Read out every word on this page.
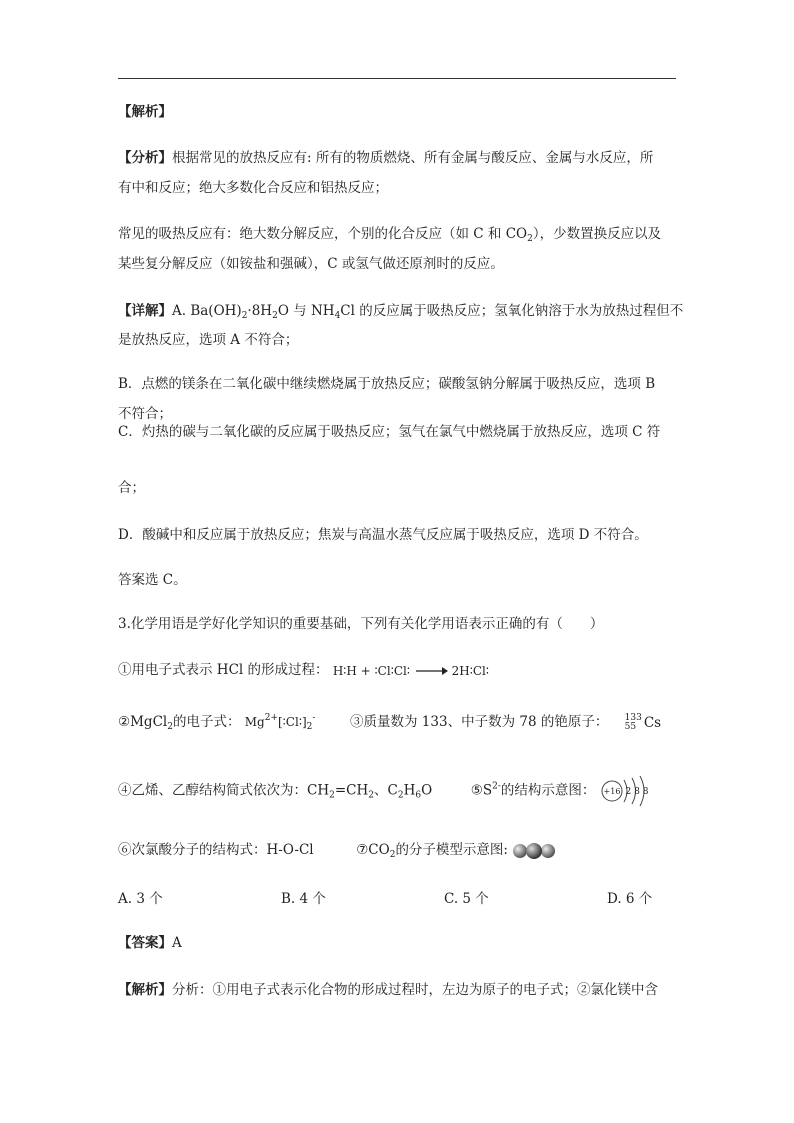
【解析】
【分析】根据常见的放热反应有: 所有的物质燃烧、所有金属与酸反应、金属与水反应，所
有中和反应；绝大多数化合反应和铝热反应；
常见的吸热反应有：绝大数分解反应，个别的化合反应（如 C 和 $CO_2$），少数置换反应以及
某些复分解反应（如铵盐和强碱），C 或氢气做还原剂时的反应。
【详解】A. $Ba(OH)_2\cdot 8H_2O$ 与 $NH_4Cl$ 的反应属于吸热反应；氢氧化钠溶于水为放热过程但不
是放热反应，选项 A 不符合；
B．点燃的镁条在二氧化碳中继续燃烧属于放热反应；碳酸氢钠分解属于吸热反应，选项 B
不符合；
C．灼热的碳与二氧化碳的反应属于吸热反应；氢气在氯气中燃烧属于放热反应，选项 C 符
合；
D．酸碱中和反应属于放热反应；焦炭与高温水蒸气反应属于吸热反应，选项 D 不符合。
答案选 C。
3.化学用语是学好化学知识的重要基础，下列有关化学用语表示正确的有（　　）
①用电子式表示 HCl 的形成过程： H∶H + ∶Cl∶Cl∶	2H∶Cl∶
②MgCl$_2$的电子式： $Mg^{2+}[∶Cl∶]_2^-$	③质量数为 133、中子数为 78 的铯原子： 133
55 Cs
④乙烯、乙醇结构简式依次为：$CH_2=CH_2$、$C_2H_6O$	$⑤S^{2-}$的结构示意图： +16 2 8 8
⑥次氯酸分子的结构式：H-O-Cl	$⑦CO_2$的分子模型示意图:
A. 3 个	B. 4 个	C. 5 个	D. 6 个
【答案】A
【解析】分析：①用电子式表示化合物的形成过程时，左边为原子的电子式；②氯化镁中含
